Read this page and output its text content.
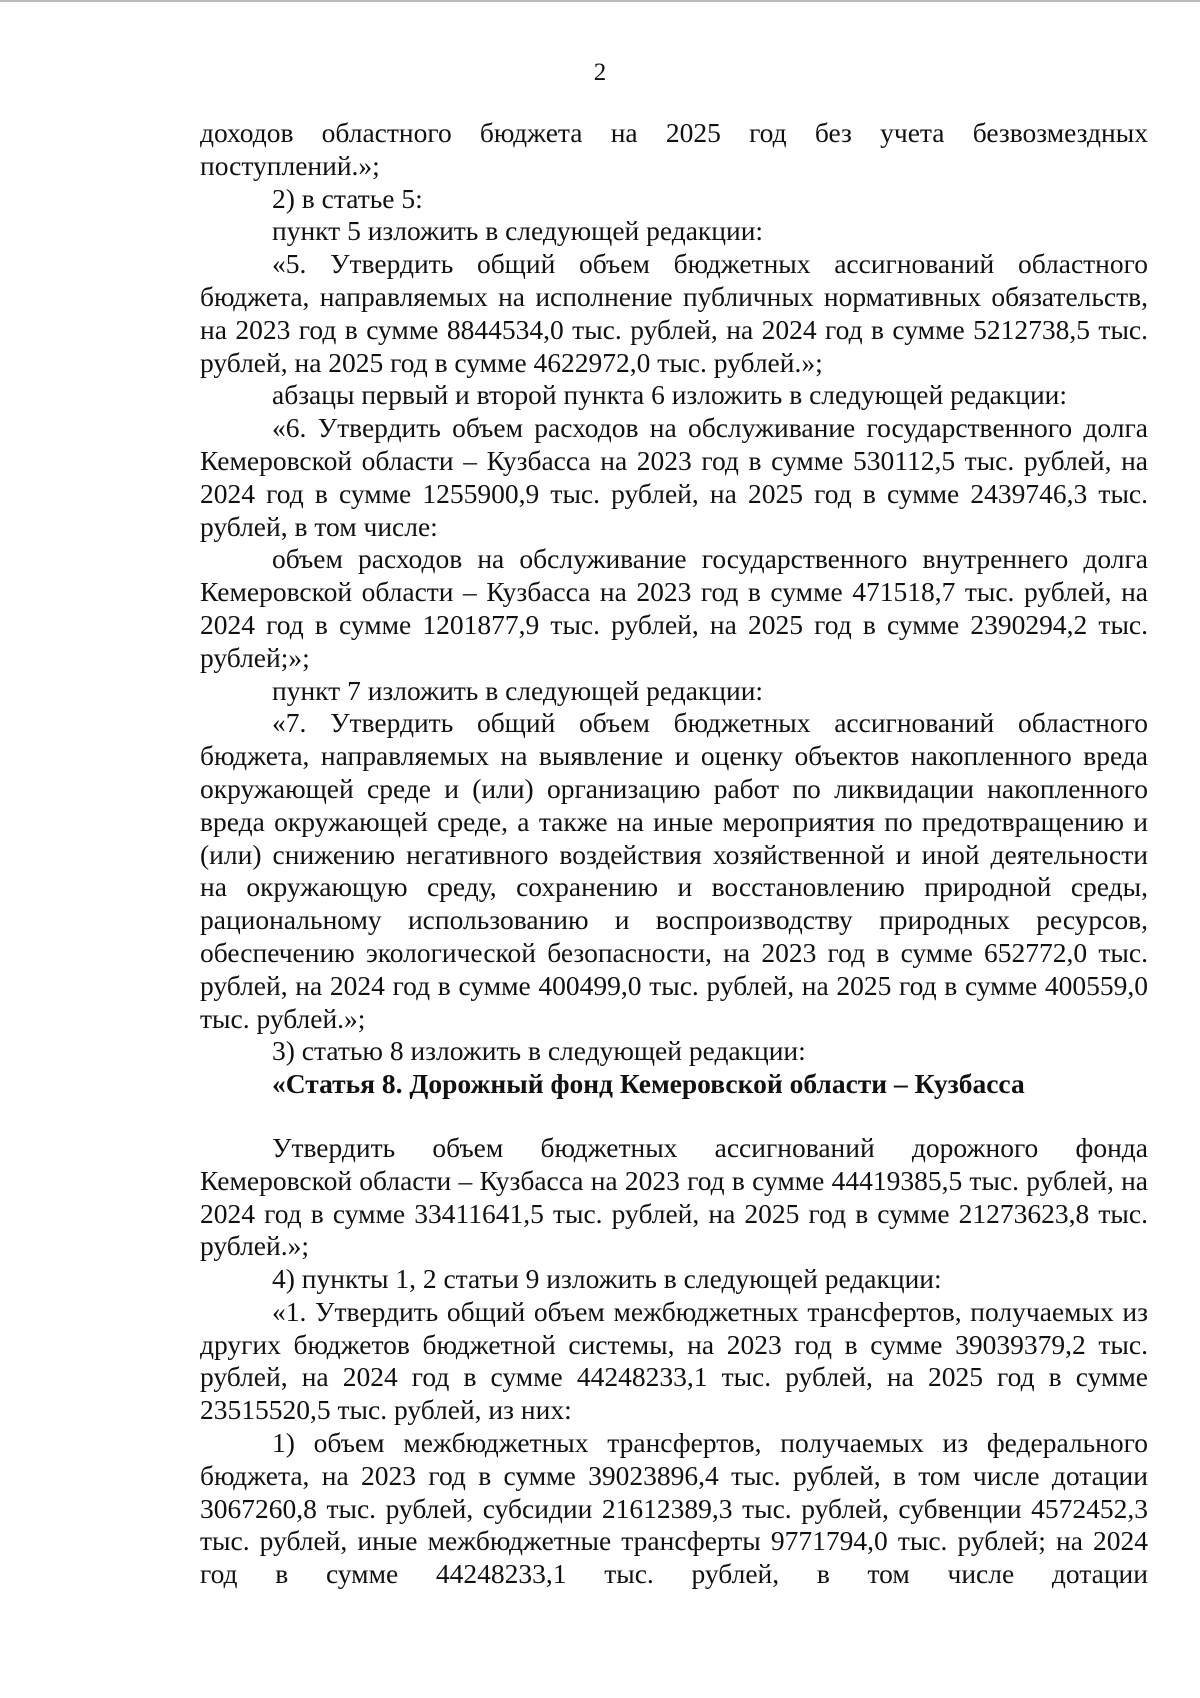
2

доходов областного бюджета на 2025 год без учета безвозмездных поступлений.»;

2) в статье 5:

пункт 5 изложить в следующей редакции:

«5. Утвердить общий объем бюджетных ассигнований областного бюджета, направляемых на исполнение публичных нормативных обязательств, на 2023 год в сумме 8844534,0 тыс. рублей, на 2024 год в сумме 5212738,5 тыс. рублей, на 2025 год в сумме 4622972,0 тыс. рублей.»;

абзацы первый и второй пункта 6 изложить в следующей редакции:

«6. Утвердить объем расходов на обслуживание государственного долга Кемеровской области – Кузбасса на 2023 год в сумме 530112,5 тыс. рублей, на 2024 год в сумме 1255900,9 тыс. рублей, на 2025 год в сумме 2439746,3 тыс. рублей, в том числе:

объем расходов на обслуживание государственного внутреннего долга Кемеровской области – Кузбасса на 2023 год в сумме 471518,7 тыс. рублей, на 2024 год в сумме 1201877,9 тыс. рублей, на 2025 год в сумме 2390294,2 тыс. рублей;»;

пункт 7 изложить в следующей редакции:

«7. Утвердить общий объем бюджетных ассигнований областного бюджета, направляемых на выявление и оценку объектов накопленного вреда окружающей среде и (или) организацию работ по ликвидации накопленного вреда окружающей среде, а также на иные мероприятия по предотвращению и (или) снижению негативного воздействия хозяйственной и иной деятельности на окружающую среду, сохранению и восстановлению природной среды, рациональному использованию и воспроизводству природных ресурсов, обеспечению экологической безопасности, на 2023 год в сумме 652772,0 тыс. рублей, на 2024 год в сумме 400499,0 тыс. рублей, на 2025 год в сумме 400559,0 тыс. рублей.»;

3) статью 8 изложить в следующей редакции:

«Статья 8. Дорожный фонд Кемеровской области – Кузбасса

Утвердить объем бюджетных ассигнований дорожного фонда Кемеровской области – Кузбасса на 2023 год в сумме 44419385,5 тыс. рублей, на 2024 год в сумме 33411641,5 тыс. рублей, на 2025 год в сумме 21273623,8 тыс. рублей.»;

4) пункты 1, 2 статьи 9 изложить в следующей редакции:

«1. Утвердить общий объем межбюджетных трансфертов, получаемых из других бюджетов бюджетной системы, на 2023 год в сумме 39039379,2 тыс. рублей, на 2024 год в сумме 44248233,1 тыс. рублей, на 2025 год в сумме 23515520,5 тыс. рублей, из них:

1) объем межбюджетных трансфертов, получаемых из федерального бюджета, на 2023 год в сумме 39023896,4 тыс. рублей, в том числе дотации 3067260,8 тыс. рублей, субсидии 21612389,3 тыс. рублей, субвенции 4572452,3 тыс. рублей, иные межбюджетные трансферты 9771794,0 тыс. рублей; на 2024 год в сумме 44248233,1 тыс. рублей, в том числе дотации
